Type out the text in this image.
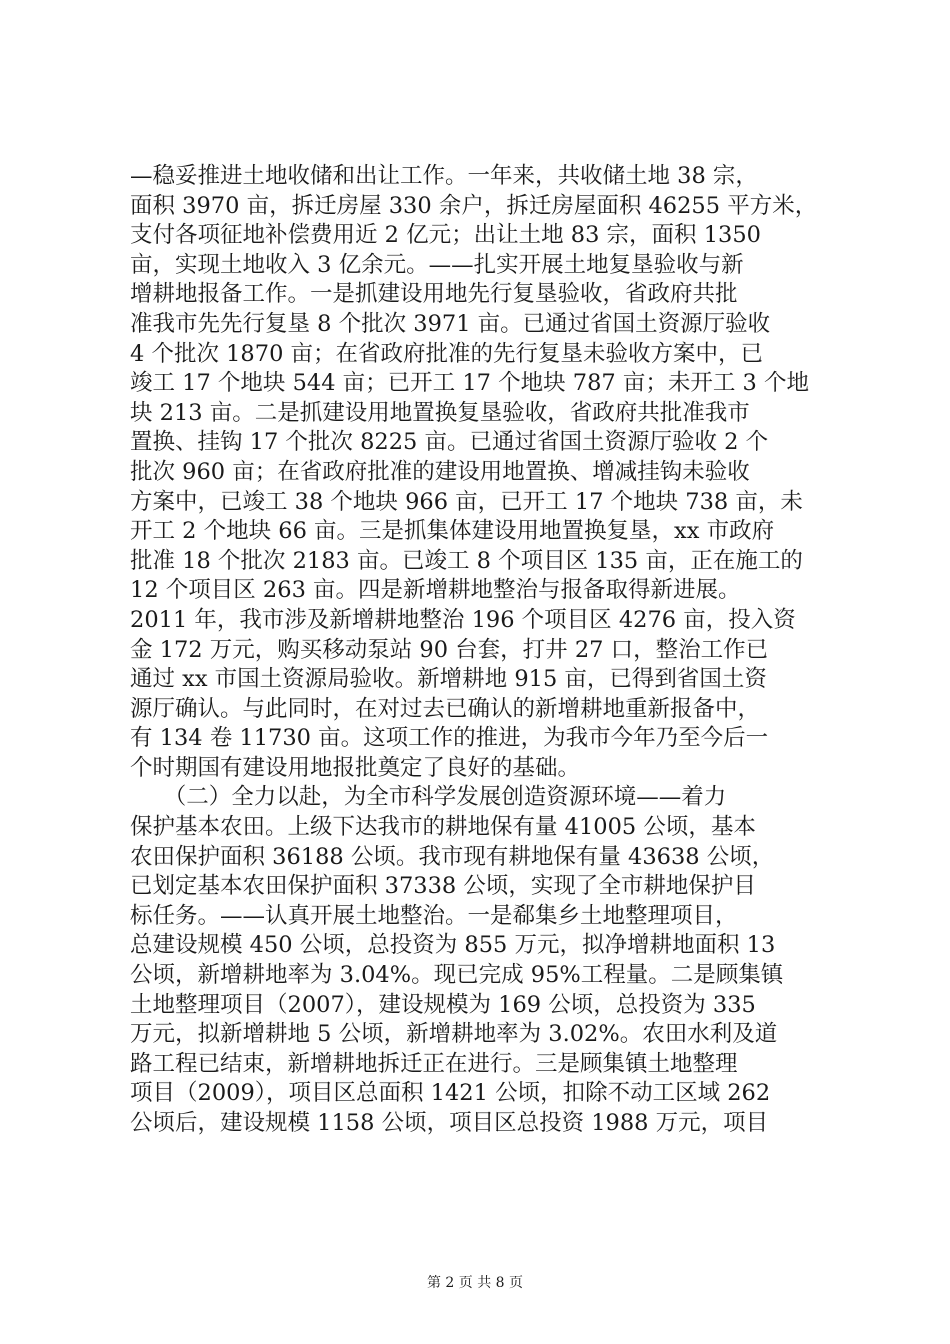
—稳妥推进土地收储和出让工作。一年来，共收储土地 38 宗，
面积 3970 亩，拆迁房屋 330 余户，拆迁房屋面积 46255 平方米，
支付各项征地补偿费用近 2 亿元；出让土地 83 宗，面积 1350
亩，实现土地收入 3 亿余元。——扎实开展土地复垦验收与新
增耕地报备工作。一是抓建设用地先行复垦验收，省政府共批
准我市先先行复垦 8 个批次 3971 亩。已通过省国土资源厅验收
4 个批次 1870 亩；在省政府批准的先行复垦未验收方案中，已
竣工 17 个地块 544 亩；已开工 17 个地块 787 亩；未开工 3 个地
块 213 亩。二是抓建设用地置换复垦验收，省政府共批准我市
置换、挂钩 17 个批次 8225 亩。已通过省国土资源厅验收 2 个
批次 960 亩；在省政府批准的建设用地置换、增减挂钩未验收
方案中，已竣工 38 个地块 966 亩，已开工 17 个地块 738 亩，未
开工 2 个地块 66 亩。三是抓集体建设用地置换复垦，xx 市政府
批准 18 个批次 2183 亩。已竣工 8 个项目区 135 亩，正在施工的
12 个项目区 263 亩。四是新增耕地整治与报备取得新进展。
2011 年，我市涉及新增耕地整治 196 个项目区 4276 亩，投入资
金 172 万元，购买移动泵站 90 台套，打井 27 口，整治工作已
通过 xx 市国土资源局验收。新增耕地 915 亩，已得到省国土资
源厅确认。与此同时，在对过去已确认的新增耕地重新报备中，
有 134 卷 11730 亩。这项工作的推进，为我市今年乃至今后一
个时期国有建设用地报批奠定了良好的基础。
　　（二）全力以赴，为全市科学发展创造资源环境——着力
保护基本农田。上级下达我市的耕地保有量 41005 公顷，基本
农田保护面积 36188 公顷。我市现有耕地保有量 43638 公顷，
已划定基本农田保护面积 37338 公顷，实现了全市耕地保护目
标任务。——认真开展土地整治。一是郗集乡土地整理项目，
总建设规模 450 公顷，总投资为 855 万元，拟净增耕地面积 13
公顷，新增耕地率为 3.04%。现已完成 95%工程量。二是顾集镇
土地整理项目（2007），建设规模为 169 公顷，总投资为 335
万元，拟新增耕地 5 公顷，新增耕地率为 3.02%。农田水利及道
路工程已结束，新增耕地拆迁正在进行。三是顾集镇土地整理
项目（2009），项目区总面积 1421 公顷，扣除不动工区域 262
公顷后，建设规模 1158 公顷，项目区总投资 1988 万元，项目
第 2 页 共 8 页
